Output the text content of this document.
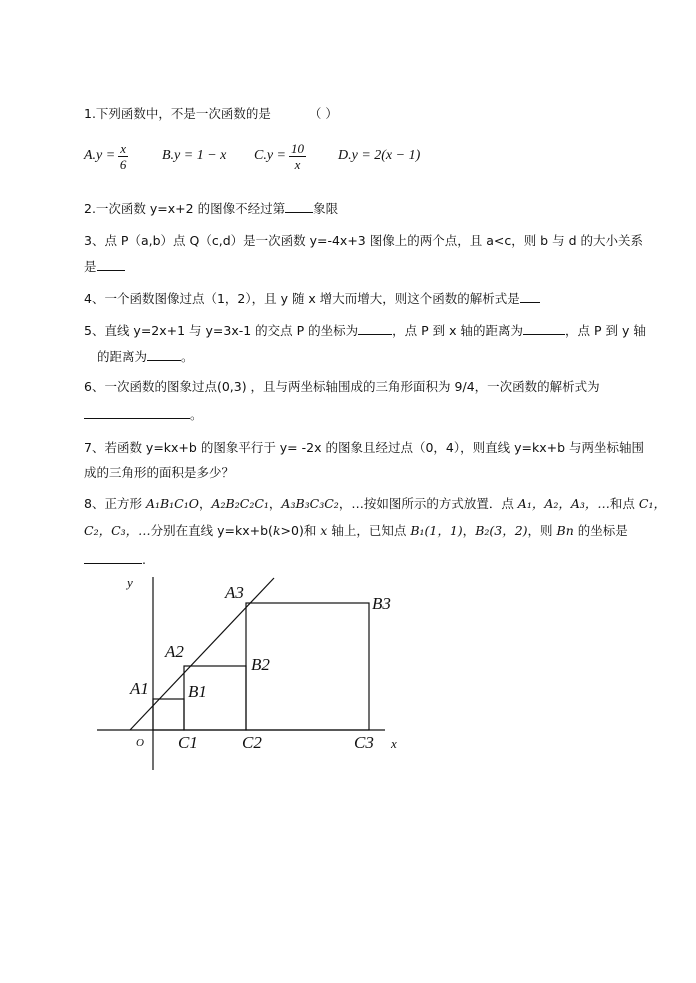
1.下列函数中，不是一次函数的是	（ ）
$A.y = \frac{x}{6} B.y = 1 - x$ $C.y = \frac{10}{x} D.y = 2(x - 1)$
2.一次函数 y=x+2 的图像不经过第 象限
3、点 P（a,b）点 Q（c,d）是一次函数 y=-4x+3 图像上的两个点，且 a<c，则 b 与 d 的大小关系
是
4、一个函数图像过点（1，2），且 y 随 x 增大而增大，则这个函数的解析式是
5、直线 y=2x+1 与 y=3x-1 的交点 P 的坐标为	，点 P 到 x 轴的距离为	，点 P 到 y 轴
的距离为	。
6、一次函数的图象过点(0,3) ，且与两坐标轴围成的三角形面积为 9/4，一次函数的解析式为
。
7、若函数 y=kx+b 的图象平行于 y= -2x 的图象且经过点（0，4），则直线 y=kx+b 与两坐标轴围
成的三角形的面积是多少？
8、正方形 A₁B₁C₁O，A₂B₂C₂C₁，A₃B₃C₃C₂，…按如图所示的方式放置．点 A₁，A₂，A₃，…和点 C₁，
C₂，C₃，…分别在直线 y=kx+b(k>0)和 x 轴上，已知点 B₁(1，1)，B₂(3，2)，则 Bn 的坐标是
.
y
x
O
A1
A2
A3
B1
B2
B3
C1	C2	C3
